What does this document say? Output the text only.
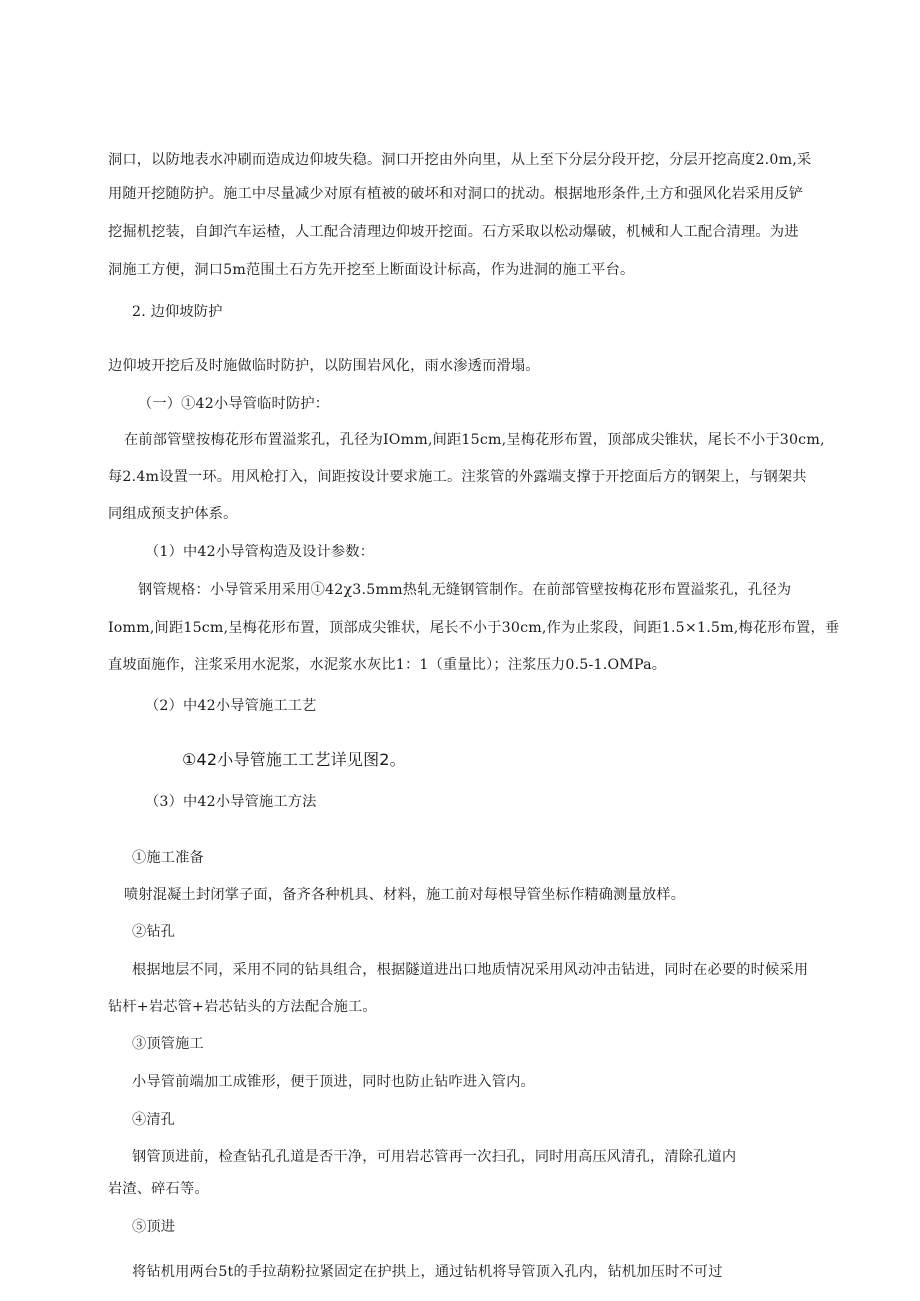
洞口，以防地表水冲刷而造成边仰坡失稳。洞口开挖由外向里，从上至下分层分段开挖，分层开挖高度2.0m,采
用随开挖随防护。施工中尽量减少对原有植被的破坏和对洞口的扰动。根据地形条件,土方和强风化岩采用反铲
挖掘机挖装，自卸汽车运楂，人工配合清理边仰坡开挖面。石方采取以松动爆破，机械和人工配合清理。为进
洞施工方便，洞口5m范围土石方先开挖至上断面设计标高，作为进洞的施工平台。
2. 边仰坡防护
边仰坡开挖后及时施做临时防护，以防围岩风化，雨水渗透而滑塌。
（一）①42小导管临时防护：
在前部管壁按梅花形布置溢浆孔，孔径为IOmm,间距15cm,呈梅花形布置，顶部成尖锥状，尾长不小于30cm,
每2.4m设置一环。用风枪打入，间距按设计要求施工。注浆管的外露端支撑于开挖面后方的钢架上，与钢架共
同组成预支护体系。
（1）中42小导管构造及设计参数：
钢管规格：小导管采用采用①42χ3.5mm热轧无缝钢管制作。在前部管壁按梅花形布置溢浆孔，孔径为
Iomm,间距15cm,呈梅花形布置，顶部成尖锥状，尾长不小于30cm,作为止浆段，间距1.5×1.5m,梅花形布置，垂
直坡面施作，注浆采用水泥浆，水泥浆水灰比1：1（重量比）；注浆压力0.5-1.OMPa。
（2）中42小导管施工工艺
①42小导管施工工艺详见图2。
（3）中42小导管施工方法
①施工准备
喷射混凝土封闭掌子面，备齐各种机具、材料，施工前对每根导管坐标作精确测量放样。
②钻孔
根据地层不同，采用不同的钻具组合，根据隧道进出口地质情况采用风动冲击钻进，同时在必要的时候采用
钻杆+岩芯管+岩芯钻头的方法配合施工。
③顶管施工
小导管前端加工成锥形，便于顶进，同时也防止钻咋进入管内。
④清孔
钢管顶进前，检查钻孔孔道是否干净，可用岩芯管再一次扫孔，同时用高压风清孔，清除孔道内
岩渣、碎石等。
⑤顶进
将钻机用两台5t的手拉葫粉拉紧固定在护拱上，通过钻机将导管顶入孔内，钻机加压时不可过
